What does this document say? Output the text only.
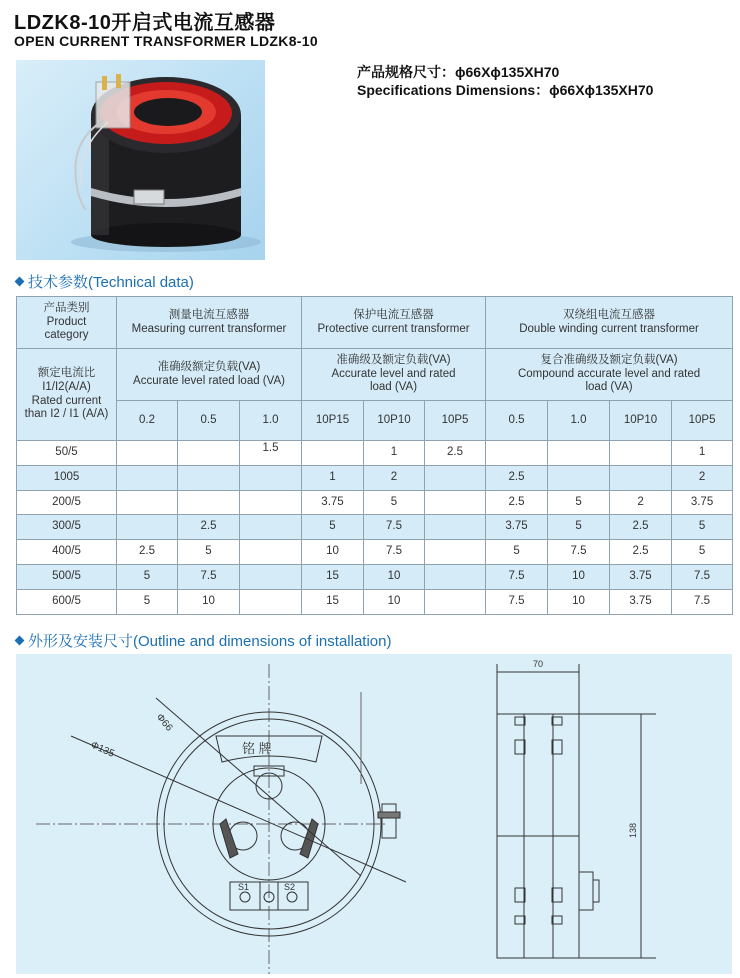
LDZK8-10开启式电流互感器
OPEN CURRENT TRANSFORMER LDZK8-10
产品规格尺寸：ϕ66Xϕ135XH70
Specifications Dimensions：ϕ66Xϕ135XH70
技术参数(Technical data)
产品类别
Product
category	测量电流互感器
Measuring current transformer			保护电流互感器
Protective current transformer			双绕组电流互感器
Double winding current transformer			
额定电流比
I1/I2(A/A)
Rated current
than I2 / I1 (A/A)	准确级额定负载(VA)
Accurate level rated load (VA)			准确级及额定负载(VA)
Accurate level and rated
load (VA)			复合准确级及额定负载(VA)
Compound accurate level and rated
load (VA)			
	0.2	0.5	1.0	10P15	10P10	10P5	0.5	1.0	10P10	10P5
50/5			1.5		1	2.5				1
1005				1	2		2.5			2
200/5				3.75	5		2.5	5	2	3.75
300/5		2.5		5	7.5		3.75	5	2.5	5
400/5	2.5	5		10	7.5		5	7.5	2.5	5
500/5	5	7.5		15	10		7.5	10	3.75	7.5
600/5	5	10		15	10		7.5	10	3.75	7.5
外形及安装尺寸(Outline and dimensions of installation)
Φ66
Φ135	铭 牌
S1	S2
70
138
